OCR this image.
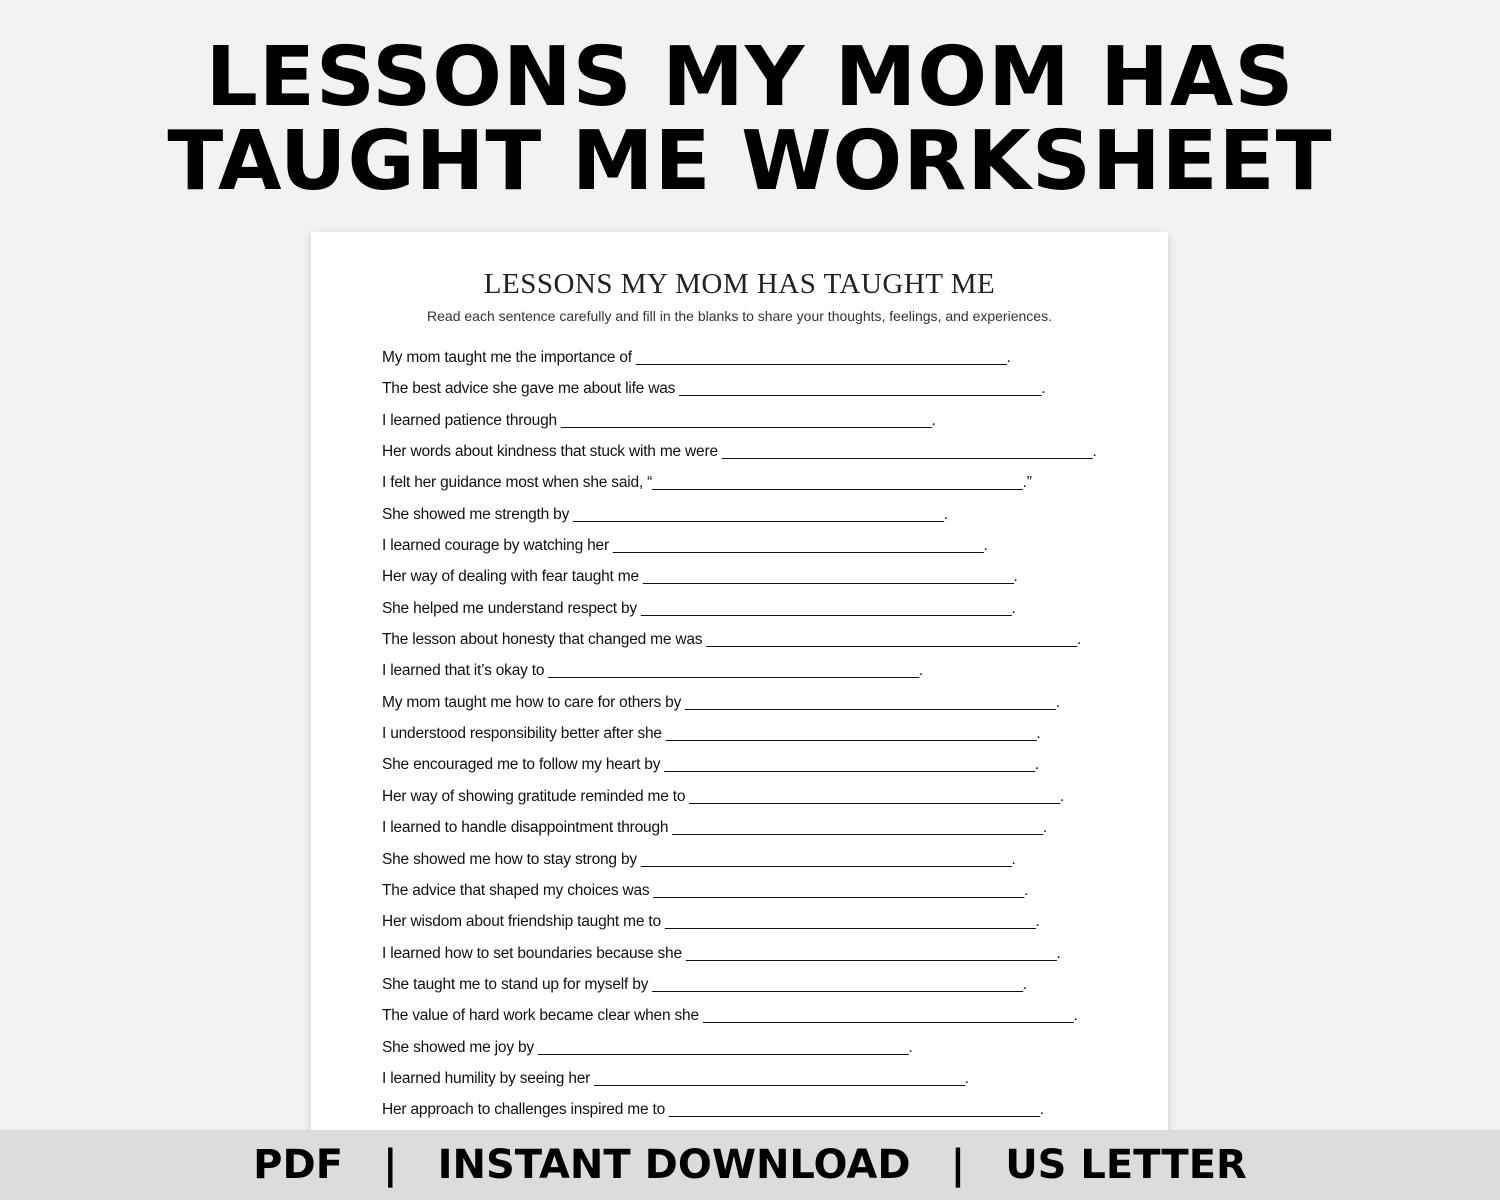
LESSONS MY MOM HAS
TAUGHT ME WORKSHEET
LESSONS MY MOM HAS TAUGHT ME
Read each sentence carefully and fill in the blanks to share your thoughts, feelings, and experiences.
My mom taught me the importance of ____________________________________________.
The best advice she gave me about life was ___________________________________________.
I learned patience through ____________________________________________.
Her words about kindness that stuck with me were ____________________________________________.
I felt her guidance most when she said, “____________________________________________.”
She showed me strength by ____________________________________________.
I learned courage by watching her ____________________________________________.
Her way of dealing with fear taught me ____________________________________________.
She helped me understand respect by ____________________________________________.
The lesson about honesty that changed me was ____________________________________________.
I learned that it’s okay to ____________________________________________.
My mom taught me how to care for others by ____________________________________________.
I understood responsibility better after she ____________________________________________.
She encouraged me to follow my heart by ____________________________________________.
Her way of showing gratitude reminded me to ____________________________________________.
I learned to handle disappointment through ____________________________________________.
She showed me how to stay strong by ____________________________________________.
The advice that shaped my choices was ____________________________________________.
Her wisdom about friendship taught me to ____________________________________________.
I learned how to set boundaries because she ____________________________________________.
She taught me to stand up for myself by ____________________________________________.
The value of hard work became clear when she ____________________________________________.
She showed me joy by ____________________________________________.
I learned humility by seeing her ____________________________________________.
Her approach to challenges inspired me to ____________________________________________.
PDF | INSTANT DOWNLOAD | US LETTER
